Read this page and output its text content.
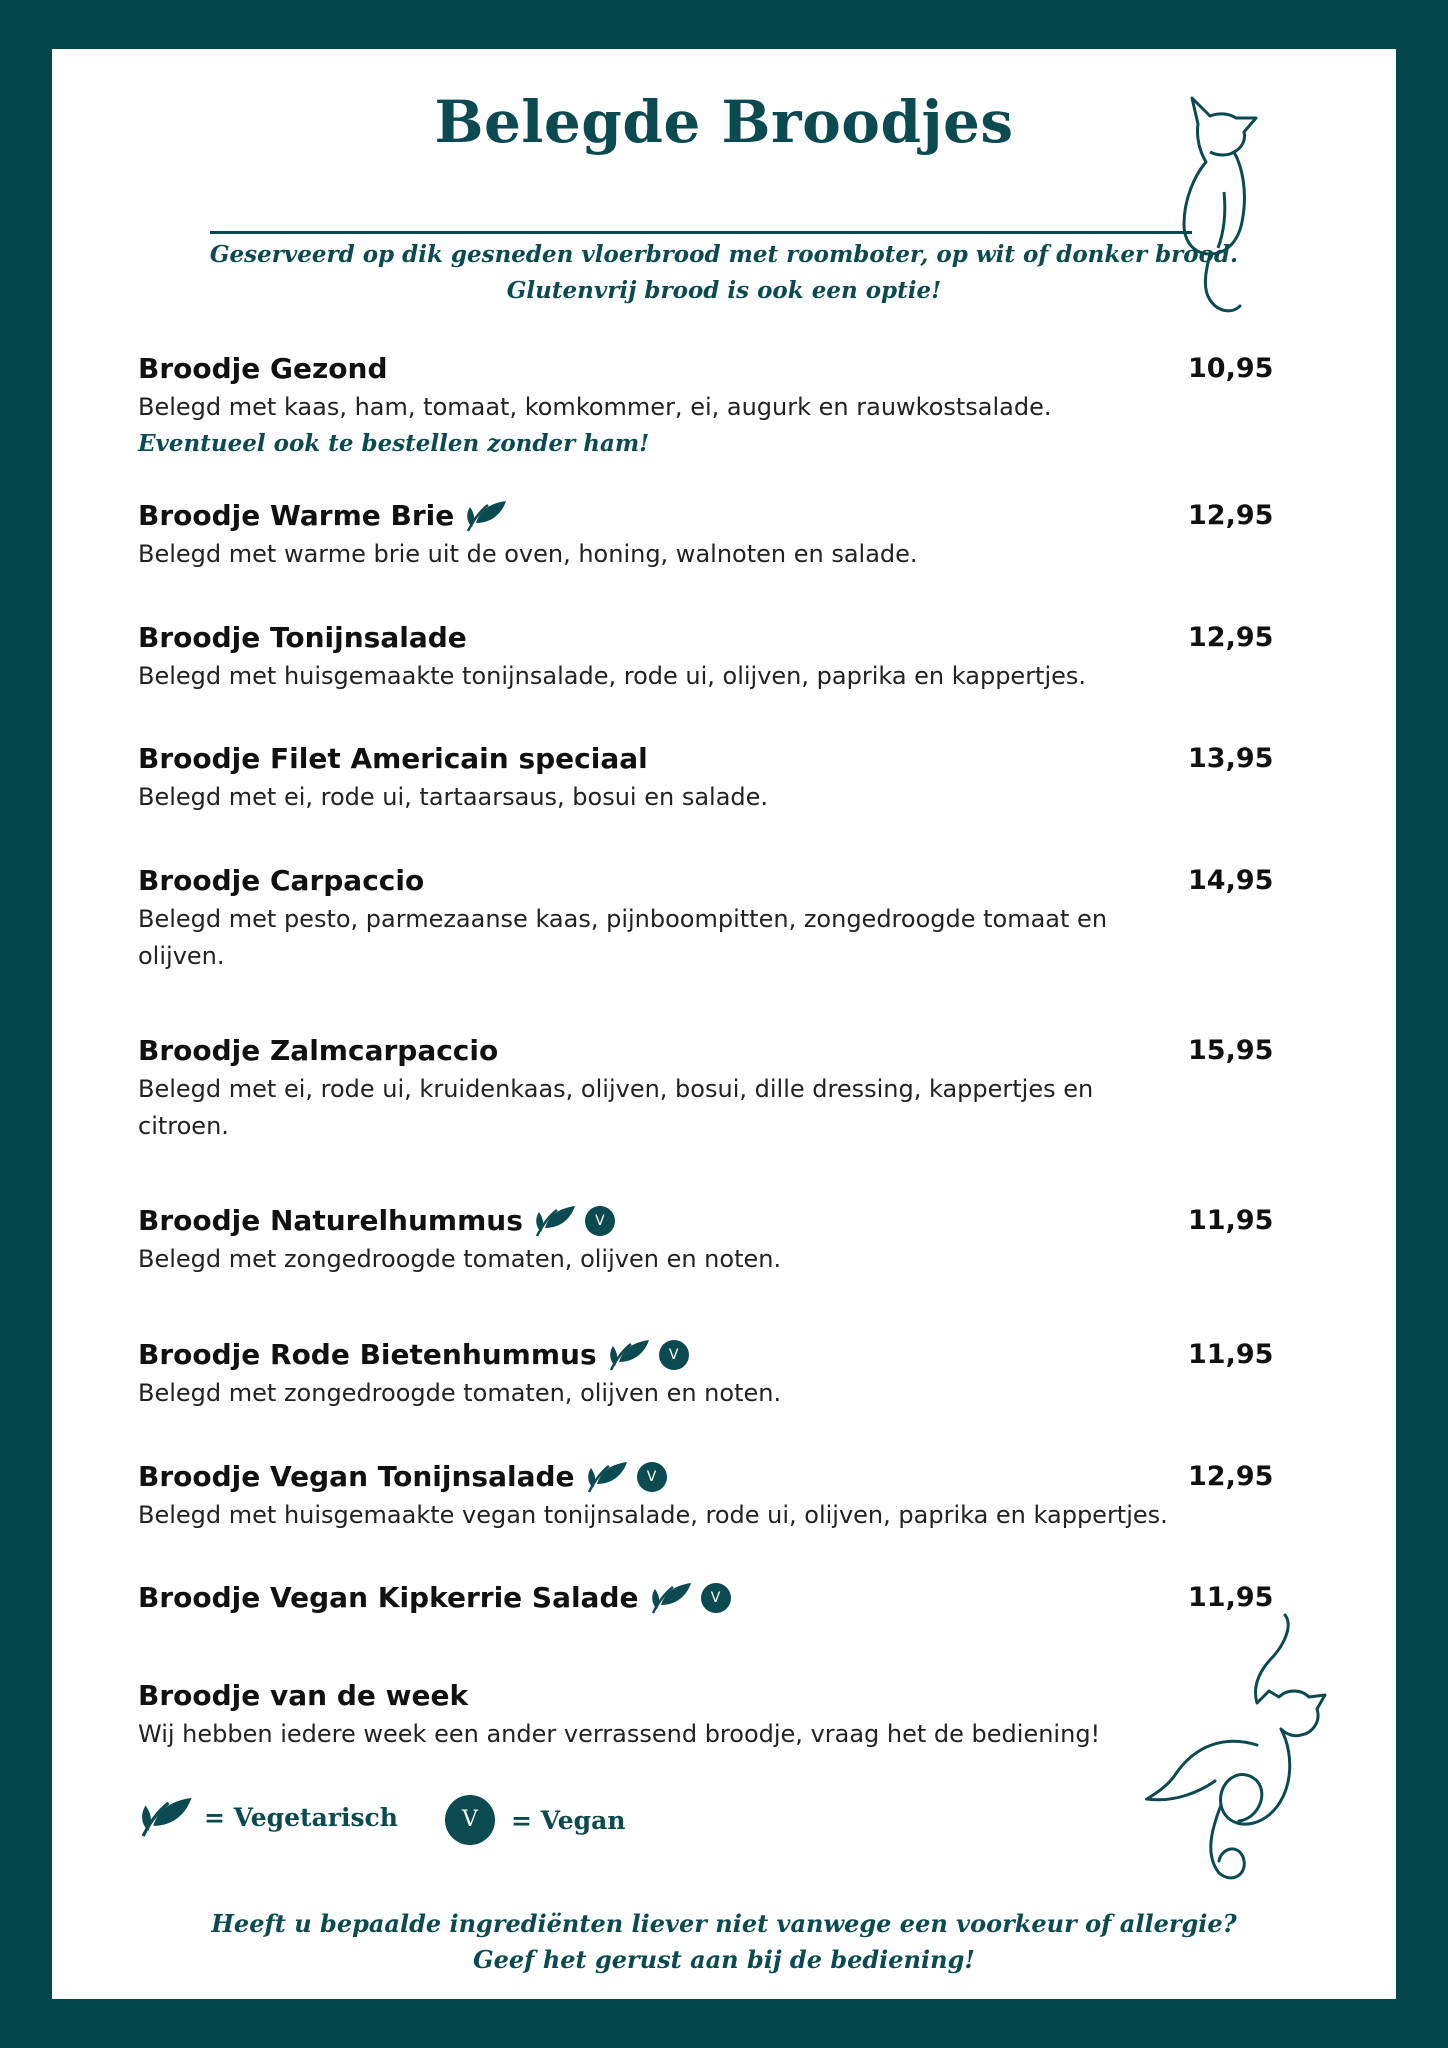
Belegde Broodjes
Geserveerd op dik gesneden vloerbrood met roomboter, op wit of donker brood.
Glutenvrij brood is ook een optie!
Broodje Gezond
Belegd met kaas, ham, tomaat, komkommer, ei, augurk en rauwkostsalade.
Eventueel ook te bestellen zonder ham!
10,95
Broodje Warme Brie
Belegd met warme brie uit de oven, honing, walnoten en salade.
12,95
Broodje Tonijnsalade
Belegd met huisgemaakte tonijnsalade, rode ui, olijven, paprika en kappertjes.
12,95
Broodje Filet Americain speciaal
Belegd met ei, rode ui, tartaarsaus, bosui en salade.
13,95
Broodje Carpaccio
Belegd met pesto, parmezaanse kaas, pijnboompitten, zongedroogde tomaat en olijven.
14,95
Broodje Zalmcarpaccio
Belegd met ei, rode ui, kruidenkaas, olijven, bosui, dille dressing, kappertjes en citroen.
15,95
Broodje Naturelhummus	V
Belegd met zongedroogde tomaten, olijven en noten.
11,95
Broodje Rode Bietenhummus	V
Belegd met zongedroogde tomaten, olijven en noten.
11,95
Broodje Vegan Tonijnsalade	V
Belegd met huisgemaakte vegan tonijnsalade, rode ui, olijven, paprika en kappertjes.
12,95
Broodje Vegan Kipkerrie Salade	V	11,95
Broodje van de week
Wij hebben iedere week een ander verrassend broodje, vraag het de bediening!
= Vegetarisch	V	= Vegan
Heeft u bepaalde ingrediënten liever niet vanwege een voorkeur of allergie?
Geef het gerust aan bij de bediening!
